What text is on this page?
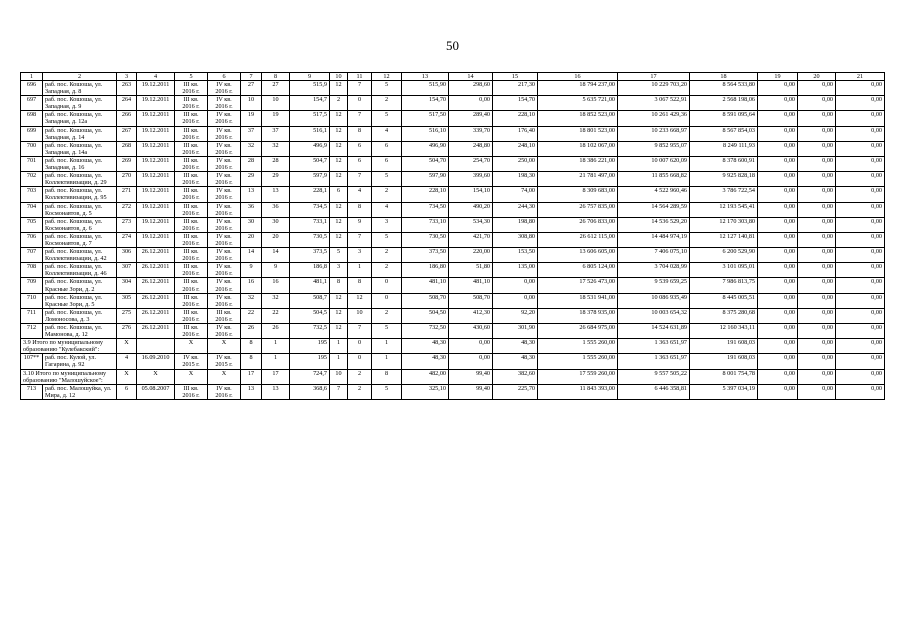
50
1	2	3	4	5	6	7	8	9	10	11	12	13	14	15	16	17	18	19	20	21
696	раб. пос. Кошоша, ул. Западная, д. 8	263	19.12.2011	III кв. 2016 г.	IV кв. 2016 г.	27	27	515,9	12	7	5	515,90	298,60	217,30	18 794 237,00	10 229 703,20	8 564 533,80	0,00	0,00	0,00
697	раб. пос. Кошоша, ул. Западная, д. 9	264	19.12.2011	III кв. 2016 г.	IV кв. 2016 г.	10	10	154,7	2	0	2	154,70	0,00	154,70	5 635 721,00	3 067 522,91	2 568 198,06	0,00	0,00	0,00
698	раб. пос. Кошоша, ул. Западная, д. 12а	266	19.12.2011	III кв. 2016 г.	IV кв. 2016 г.	19	19	517,5	12	7	5	517,50	289,40	228,10	18 852 523,00	10 261 429,36	8 591 095,64	0,00	0,00	0,00
699	раб. пос. Кошоша, ул. Западная, д. 14	267	19.12.2011	III кв. 2016 г.	IV кв. 2016 г.	37	37	516,1	12	8	4	516,10	339,70	176,40	18 801 523,00	10 233 668,97	8 567 854,03	0,00	0,00	0,00
700	раб. пос. Кошоша, ул. Западная, д. 14а	268	19.12.2011	III кв. 2016 г.	IV кв. 2016 г.	32	32	496,9	12	6	6	496,90	248,80	248,10	18 102 067,00	9 852 955,07	8 249 111,93	0,00	0,00	0,00
701	раб. пос. Кошоша, ул. Западная, д. 16	269	19.12.2011	III кв. 2016 г.	IV кв. 2016 г.	28	28	504,7	12	6	6	504,70	254,70	250,00	18 386 221,00	10 007 620,09	8 378 600,91	0,00	0,00	0,00
702	раб. пос. Кошоша, ул. Коллективизации, д. 29	270	19.12.2011	III кв. 2016 г.	IV кв. 2016 г.	29	29	597,9	12	7	5	597,90	399,60	198,30	21 781 497,00	11 855 668,82	9 925 828,18	0,00	0,00	0,00
703	раб. пос. Кошоша, ул. Коллективизации, д. 95	271	19.12.2011	III кв. 2016 г.	IV кв. 2016 г.	13	13	228,1	6	4	2	228,10	154,10	74,00	8 309 683,00	4 522 960,46	3 786 722,54	0,00	0,00	0,00
704	раб. пос. Кошоша, ул. Космонавтов, д. 5	272	19.12.2011	III кв. 2016 г.	IV кв. 2016 г.	36	36	734,5	12	8	4	734,50	490,20	244,30	26 757 835,00	14 564 289,59	12 193 545,41	0,00	0,00	0,00
705	раб. пос. Кошоша, ул. Космонавтов, д. 6	273	19.12.2011	III кв. 2016 г.	IV кв. 2016 г.	30	30	733,1	12	9	3	733,10	534,30	198,80	26 706 833,00	14 536 529,20	12 170 303,80	0,00	0,00	0,00
706	раб. пос. Кошоша, ул. Космонавтов, д. 7	274	19.12.2011	III кв. 2016 г.	IV кв. 2016 г.	20	20	730,5	12	7	5	730,50	421,70	308,80	26 612 115,00	14 484 974,19	12 127 140,81	0,00	0,00	0,00
707	раб. пос. Кошоша, ул. Коллективизации, д. 42	306	26.12.2011	III кв. 2016 г.	IV кв. 2016 г.	14	14	373,5	5	3	2	373,50	220,00	153,50	13 606 605,00	7 406 075,10	6 200 529,90	0,00	0,00	0,00
708	раб. пос. Кошоша, ул. Коллективизации, д. 46	307	26.12.2011	III кв. 2016 г.	IV кв. 2016 г.	9	9	186,8	3	1	2	186,80	51,80	135,00	6 805 124,00	3 704 028,99	3 101 095,01	0,00	0,00	0,00
709	раб. пос. Кошоша, ул. Красные Зори, д. 2	304	26.12.2011	III кв. 2016 г.	IV кв. 2016 г.	16	16	481,1	8	8	0	481,10	481,10	0,00	17 526 473,00	9 539 659,25	7 986 813,75	0,00	0,00	0,00
710	раб. пос. Кошоша, ул. Красные Зори, д. 5	305	26.12.2011	III кв. 2016 г.	IV кв. 2016 г.	32	32	508,7	12	12	0	508,70	508,70	0,00	18 531 941,00	10 086 935,49	8 445 005,51	0,00	0,00	0,00
711	раб. пос. Кошоша, ул. Ломоносова, д. 3	275	26.12.2011	III кв. 2016 г.	III кв. 2016 г.	22	22	504,5	12	10	2	504,50	412,30	92,20	18 378 935,00	10 003 654,32	8 375 280,68	0,00	0,00	0,00
712	раб. пос. Кошоша, ул. Мамонова, д. 12	276	26.12.2011	III кв. 2016 г.	IV кв. 2016 г.	26	26	732,5	12	7	5	732,50	430,60	301,90	26 684 975,00	14 524 631,89	12 160 343,11	0,00	0,00	0,00
3.9 Итого по муниципальному образованию "Кулебакский":		X		X	X	8	1	195	1	0	1	48,30	0,00	48,30	1 555 260,00	1 363 651,97	191 608,03	0,00	0,00	0,00
107**	раб. пос. Кулой, ул. Гагарина, д. 92	4	16.09.2010	IV кв. 2015 г.	IV кв. 2015 г.	8	1	195	1	0	1	48,30	0,00	48,30	1 555 260,00	1 363 651,97	191 608,03	0,00	0,00	0,00
3.10 Итого по муниципальному образованию "Малошуйское":		X	X	X	X	17	17	724,7	10	2	8	482,00	99,40	382,60	17 559 260,00	9 557 505,22	8 001 754,78	0,00	0,00	0,00
713	раб. пос. Малошуйка, ул. Мира, д. 12	6	05.08.2007	III кв. 2016 г.	IV кв. 2016 г.	13	13	368,6	7	2	5	325,10	99,40	225,70	11 843 393,00	6 446 358,81	5 397 034,19	0,00	0,00	0,00
